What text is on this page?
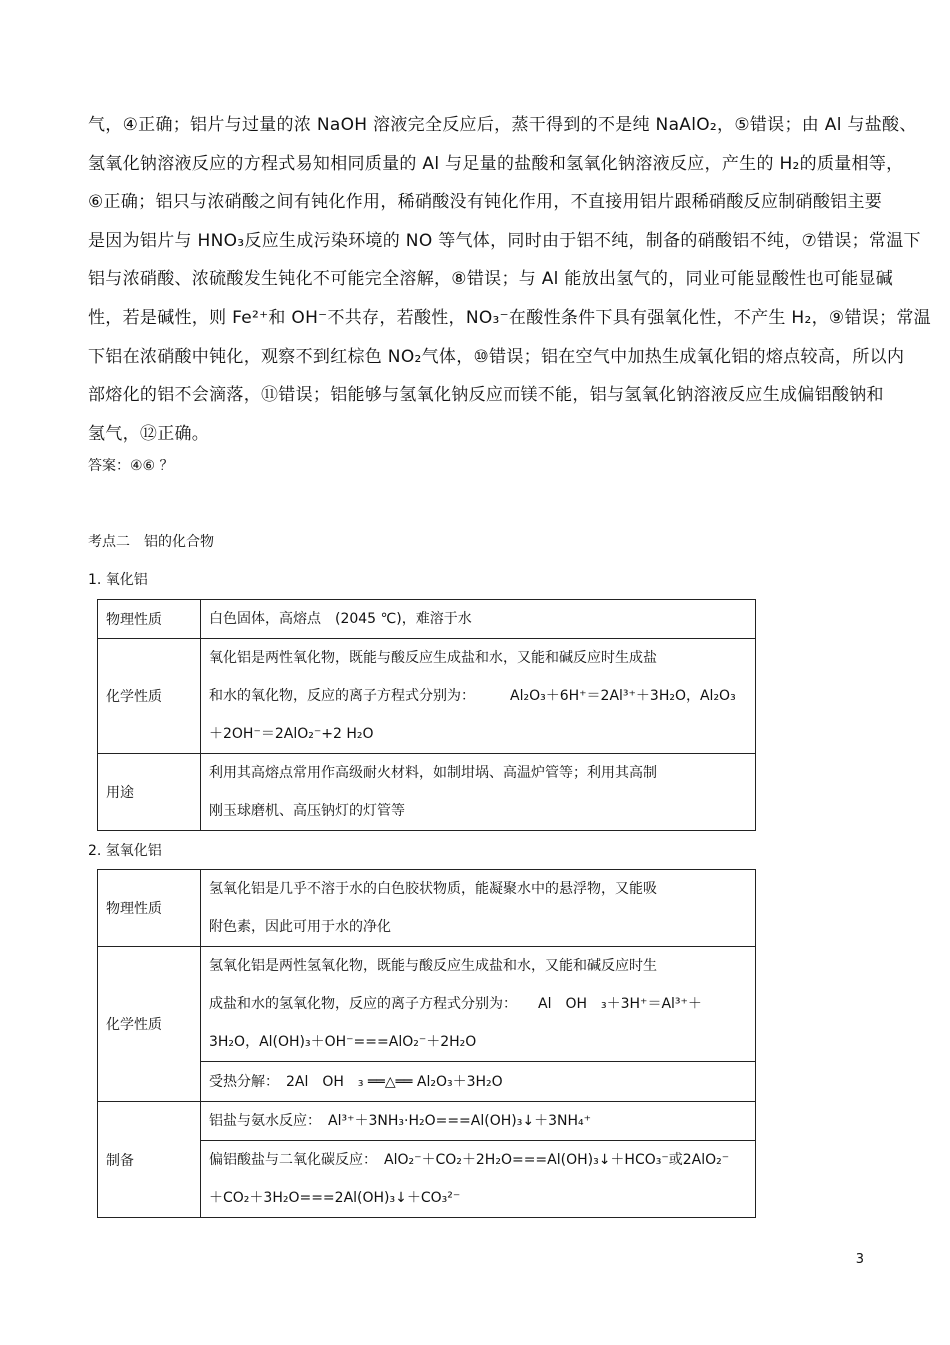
气，④正确；铝片与过量的浓 NaOH 溶液完全反应后，蒸干得到的不是纯 NaAlO₂，⑤错误；由 Al 与盐酸、

氢氧化钠溶液反应的方程式易知相同质量的 Al 与足量的盐酸和氢氧化钠溶液反应，产生的 H₂的质量相等，

⑥正确；铝只与浓硝酸之间有钝化作用，稀硝酸没有钝化作用，不直接用铝片跟稀硝酸反应制硝酸铝主要

是因为铝片与 HNO₃反应生成污染环境的 NO 等气体，同时由于铝不纯，制备的硝酸铝不纯，⑦错误；常温下

铝与浓硝酸、浓硫酸发生钝化不可能完全溶解，⑧错误；与 Al 能放出氢气的，同业可能显酸性也可能显碱

性，若是碱性，则 Fe²⁺和 OH⁻不共存，若酸性，NO₃⁻在酸性条件下具有强氧化性，不产生 H₂，⑨错误；常温

下铝在浓硝酸中钝化，观察不到红棕色 NO₂气体，⑩错误；铝在空气中加热生成氧化铝的熔点较高，所以内

部熔化的铝不会滴落，⑪错误；铝能够与氢氧化钠反应而镁不能，铝与氢氧化钠溶液反应生成偏铝酸钠和

氢气，⑫正确。

答案：④⑥ ？
考点二　铝的化合物
1. 氧化铝
物理性质	白色固体，高熔点　(2045 ℃)，难溶于水

化学性质	氧化铝是两性氧化物，既能与酸反应生成盐和水，又能和碱反应时生成盐
和水的氧化物，反应的离子方程式分别为：　　　Al₂O₃＋6H⁺＝2Al³⁺＋3H₂O，Al₂O₃
＋2OH⁻＝2AlO₂⁻+2 H₂O

用途	利用其高熔点常用作高级耐火材料，如制坩埚、高温炉管等；利用其高制
刚玉球磨机、高压钠灯的灯管等
2. 氢氧化铝
物理性质	氢氧化铝是几乎不溶于水的白色胶状物质，能凝聚水中的悬浮物，又能吸
附色素，因此可用于水的净化

化学性质	氢氧化铝是两性氢氧化物，既能与酸反应生成盐和水，又能和碱反应时生
成盐和水的氢氧化物，反应的离子方程式分别为：　　Al　OH　₃＋3H⁺＝Al³⁺＋
3H₂O，Al(OH)₃＋OH⁻===AlO₂⁻＋2H₂O

	受热分解：　2Al　OH　₃ ══△══ Al₂O₃＋3H₂O

制备	铝盐与氨水反应：　Al³⁺＋3NH₃·H₂O===Al(OH)₃↓＋3NH₄⁺

	偏铝酸盐与二氧化碳反应：　AlO₂⁻＋CO₂＋2H₂O===Al(OH)₃↓＋HCO₃⁻或2AlO₂⁻
＋CO₂＋3H₂O===2Al(OH)₃↓＋CO₃²⁻
3
